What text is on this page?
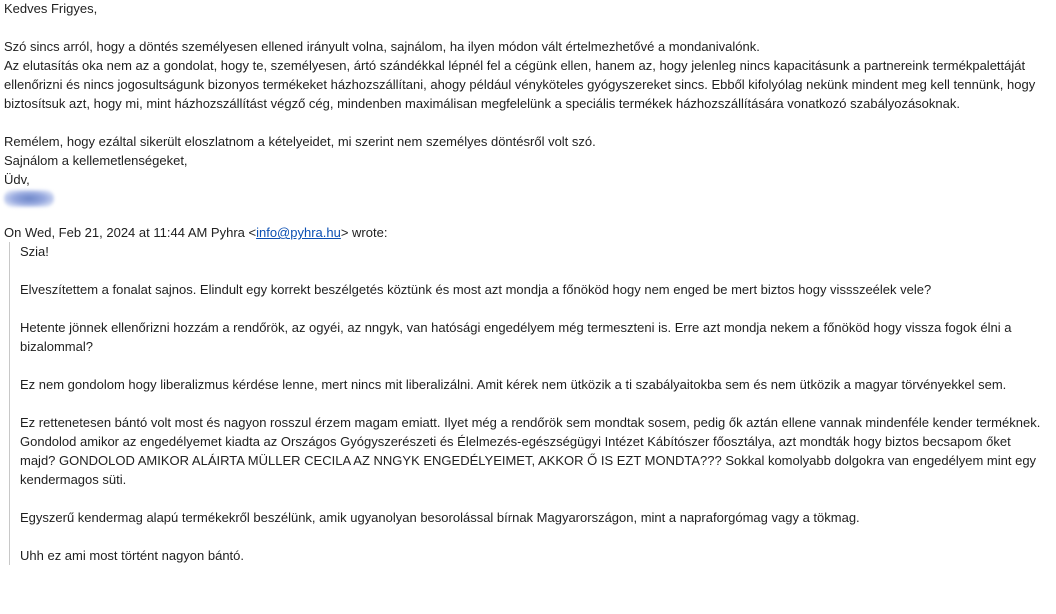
Kedves Frigyes,

Szó sincs arról, hogy a döntés személyesen ellened irányult volna, sajnálom, ha ilyen módon vált értelmezhetővé a mondanivalónk.

Az elutasítás oka nem az a gondolat, hogy te, személyesen, ártó szándékkal lépnél fel a cégünk ellen, hanem az, hogy jelenleg nincs kapacitásunk a partnereink termékpalettáját ellenőrizni és nincs jogosultságunk bizonyos termékeket házhozszállítani, ahogy például vényköteles gyógyszereket sincs. Ebből kifolyólag nekünk mindent meg kell tennünk, hogy biztosítsuk azt, hogy mi, mint házhozszállítást végző cég, mindenben maximálisan megfelelünk a speciális termékek házhozszállítására vonatkozó szabályozásoknak.

Remélem, hogy ezáltal sikerült eloszlatnom a kételyeidet, mi szerint nem személyes döntésről volt szó.

Sajnálom a kellemetlenségeket,

Üdv,

On Wed, Feb 21, 2024 at 11:44 AM Pyhra <info@pyhra.hu> wrote:

Szia!

Elveszítettem a fonalat sajnos. Elindult egy korrekt beszélgetés köztünk és most azt mondja a főnököd hogy nem enged be mert biztos hogy vissszeélek vele?

Hetente jönnek ellenőrizni hozzám a rendőrök, az ogyéi, az nngyk, van hatósági engedélyem még termeszteni is. Erre azt mondja nekem a főnököd hogy vissza fogok élni a bizalommal?

Ez nem gondolom hogy liberalizmus kérdése lenne, mert nincs mit liberalizálni. Amit kérek nem ütközik a ti szabályaitokba sem és nem ütközik a magyar törvényekkel sem.

Ez rettenetesen bántó volt most és nagyon rosszul érzem magam emiatt. Ilyet még a rendőrök sem mondtak sosem, pedig ők aztán ellene vannak mindenféle kender terméknek. Gondolod amikor az engedélyemet kiadta az Országos Gyógyszerészeti és Élelmezés-egészségügyi Intézet Kábítószer főosztálya, azt mondták hogy biztos becsapom őket majd? GONDOLOD AMIKOR ALÁIRTA MÜLLER CECILA AZ NNGYK ENGEDÉLYEIMET, AKKOR Ő IS EZT MONDTA??? Sokkal komolyabb dolgokra van engedélyem mint egy kendermagos süti.

Egyszerű kendermag alapú termékekről beszélünk, amik ugyanolyan besorolással bírnak Magyarországon, mint a napraforgómag vagy a tökmag.

Uhh ez ami most történt nagyon bántó.
